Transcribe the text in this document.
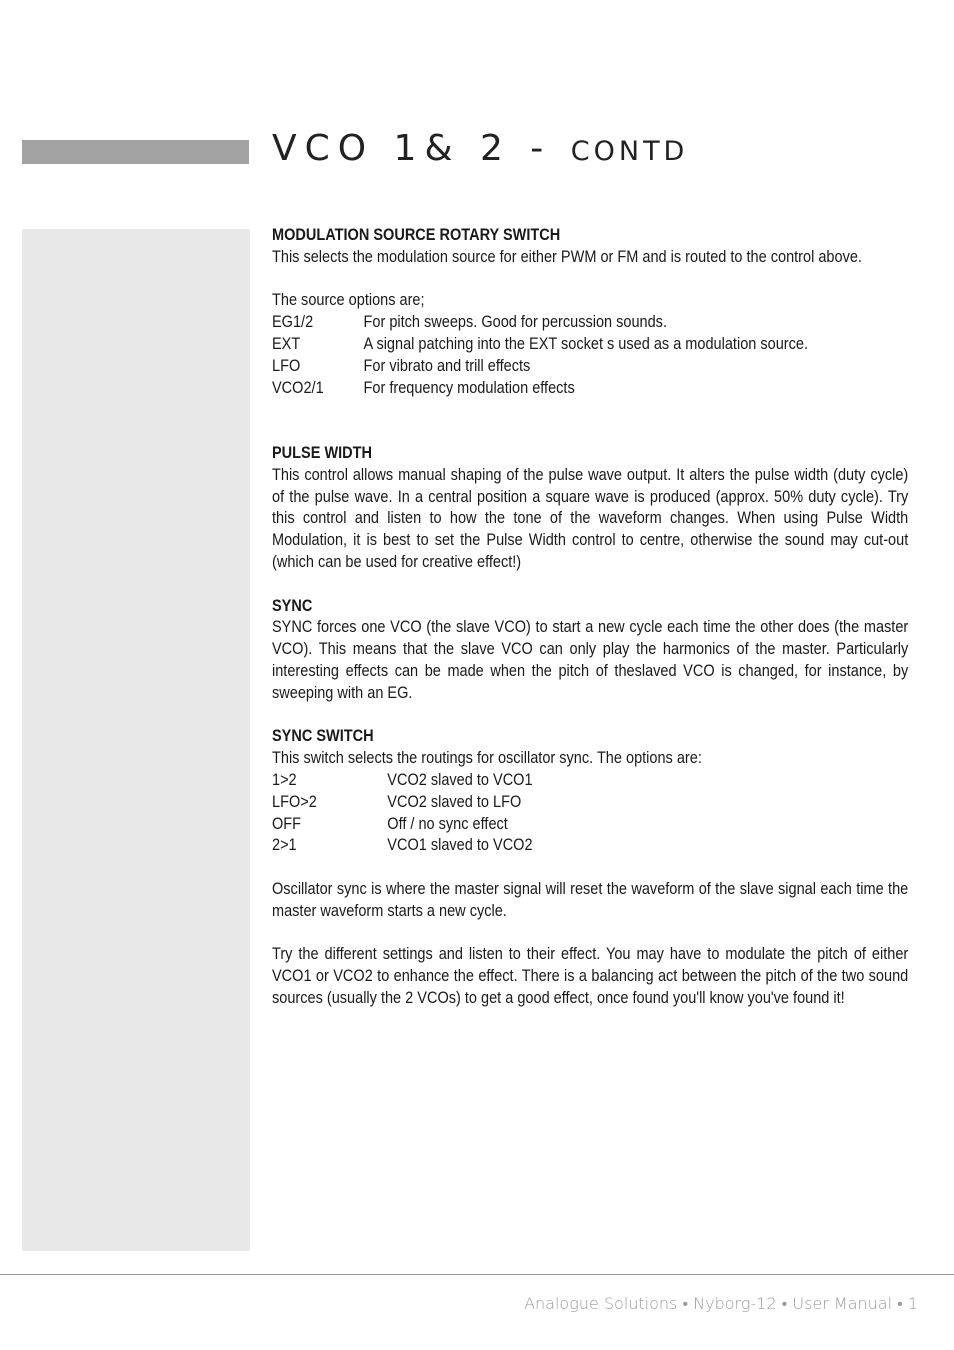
VCO 1& 2 - CONTD
MODULATION SOURCE ROTARY SWITCH

This selects the modulation source for either PWM or FM and is routed to the control above.

The source options are;

EG1/2	For pitch sweeps. Good for percussion sounds.
EXT	A signal patching into the EXT socket s used as a modulation source.
LFO	For vibrato and trill effects
VCO2/1	For frequency modulation effects
PULSE WIDTH

This control allows manual shaping of the pulse wave output. It alters the pulse width (duty cycle) of the pulse wave. In a central position a square wave is produced (approx. 50% duty cycle). Try this control and listen to how the tone of the waveform changes. When using Pulse Width Modulation, it is best to set the Pulse Width control to centre, otherwise the sound may cut-out (which can be used for creative effect!)

SYNC

SYNC forces one VCO (the slave VCO) to start a new cycle each time the other does (the master VCO). This means that the slave VCO can only play the harmonics of the master. Particularly interesting effects can be made when the pitch of theslaved VCO is changed, for instance, by sweeping with an EG.

SYNC SWITCH

This switch selects the routings for oscillator sync. The options are:

1>2	VCO2 slaved to VCO1
LFO>2	VCO2 slaved to LFO
OFF	Off / no sync effect
2>1	VCO1 slaved to VCO2

Oscillator sync is where the master signal will reset the waveform of the slave signal each time the master waveform starts a new cycle.

Try the different settings and listen to their effect. You may have to modulate the pitch of either VCO1 or VCO2 to enhance the effect. There is a balancing act between the pitch of the two sound sources (usually the 2 VCOs) to get a good effect, once found you'll know you've found it!

Analogue Solutions • Nyborg-12 • User Manual • 1
